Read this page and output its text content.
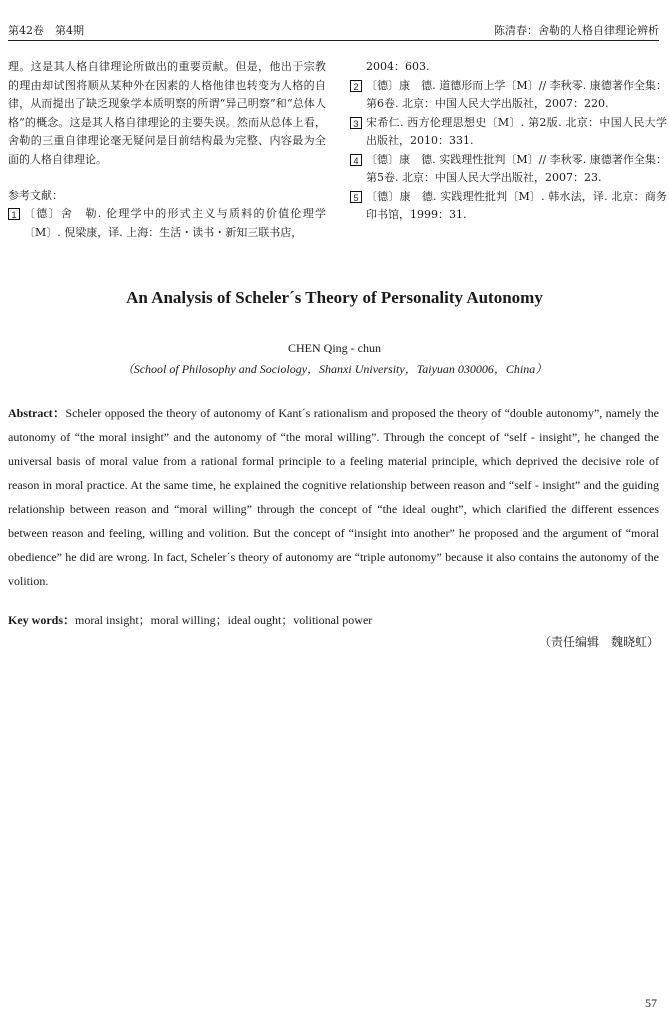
第42卷　第4期	陈清春：舍勒的人格自律理论辨析

理。这是其人格自律理论所做出的重要贡献。但是，他出于宗教的理由却试图将顺从某种外在因素的人格他律也转变为人格的自律，从而提出了缺乏现象学本质明察的所谓“异己明察”和“总体人格”的概念。这是其人格自律理论的主要失误。然而从总体上看，舍勒的三重自律理论毫无疑问是目前结构最为完整、内容最为全面的人格自律理论。

参考文献：

1 〔德〕舍　勒. 伦理学中的形式主义与质料的价值伦理学〔M〕. 倪梁康，译. 上海：生活・读书・新知三联书店，
2004：603.
2 〔德〕康　德. 道德形而上学〔M〕// 李秋零. 康德著作全集：第6卷. 北京：中国人民大学出版社，2007：220.
3 宋希仁. 西方伦理思想史〔M〕. 第2版. 北京：中国人民大学出版社，2010：331.
4 〔德〕康　德. 实践理性批判〔M〕// 李秋零. 康德著作全集：第5卷. 北京：中国人民大学出版社，2007：23.
5 〔德〕康　德. 实践理性批判〔M〕. 韩水法，译. 北京：商务印书馆，1999：31.
An Analysis of Scheler´s Theory of Personality Autonomy

CHEN Qing - chun

（School of Philosophy and Sociology，Shanxi University，Taiyuan 030006，China）

Abstract：Scheler opposed the theory of autonomy of Kant´s rationalism and proposed the theory of “double autonomy”, namely the autonomy of “the moral insight” and the autonomy of “the moral willing”. Through the concept of “self - insight”, he changed the universal basis of moral value from a rational formal principle to a feeling material principle, which deprived the decisive role of reason in moral practice. At the same time, he explained the cognitive relationship between reason and “self - insight” and the guiding relationship between reason and “moral willing” through the concept of “the ideal ought”, which clarified the different essences between reason and feeling, willing and volition. But the concept of “insight into another” he proposed and the argument of “moral obedience” he did are wrong. In fact, Scheler´s theory of autonomy are “triple autonomy” because it also contains the autonomy of the volition.

Key words：moral insight；moral willing；ideal ought；volitional power

（责任编辑　魏晓虹）
57
